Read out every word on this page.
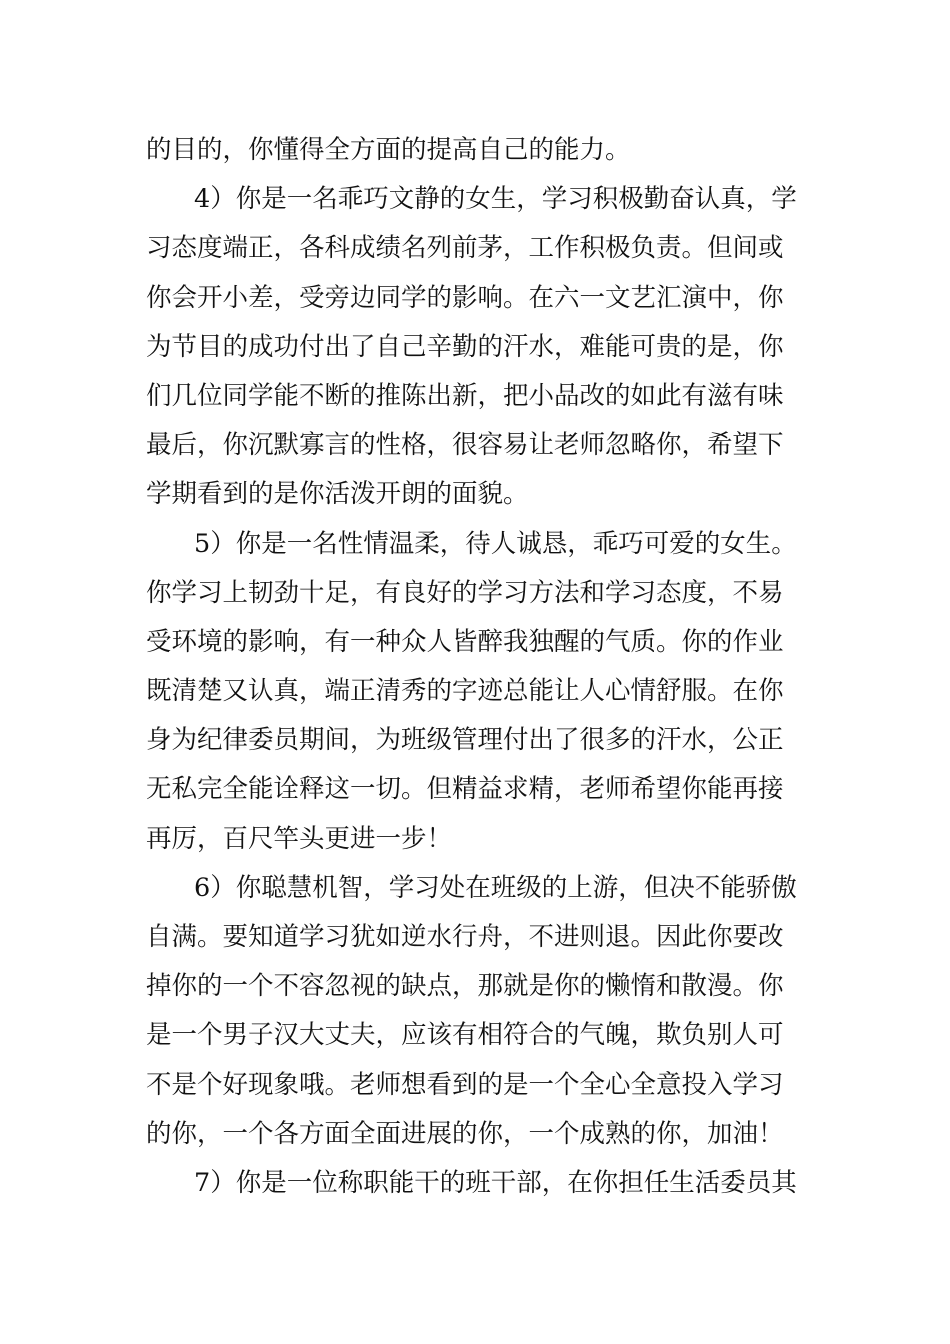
的目的，你懂得全方面的提高自己的能力。
4）你是一名乖巧文静的女生，学习积极勤奋认真，学
习态度端正，各科成绩名列前茅，工作积极负责。但间或
你会开小差，受旁边同学的影响。在六一文艺汇演中，你
为节目的成功付出了自己辛勤的汗水，难能可贵的是，你
们几位同学能不断的推陈出新，把小品改的如此有滋有味
最后，你沉默寡言的性格，很容易让老师忽略你，希望下
学期看到的是你活泼开朗的面貌。
5）你是一名性情温柔，待人诚恳，乖巧可爱的女生。
你学习上韧劲十足，有良好的学习方法和学习态度，不易
受环境的影响，有一种众人皆醉我独醒的气质。你的作业
既清楚又认真，端正清秀的字迹总能让人心情舒服。在你
身为纪律委员期间，为班级管理付出了很多的汗水，公正
无私完全能诠释这一切。但精益求精，老师希望你能再接
再厉，百尺竿头更进一步！
6）你聪慧机智，学习处在班级的上游，但决不能骄傲
自满。要知道学习犹如逆水行舟，不进则退。因此你要改
掉你的一个不容忽视的缺点，那就是你的懒惰和散漫。你
是一个男子汉大丈夫，应该有相符合的气魄，欺负别人可
不是个好现象哦。老师想看到的是一个全心全意投入学习
的你，一个各方面全面进展的你，一个成熟的你，加油！
7）你是一位称职能干的班干部，在你担任生活委员其
